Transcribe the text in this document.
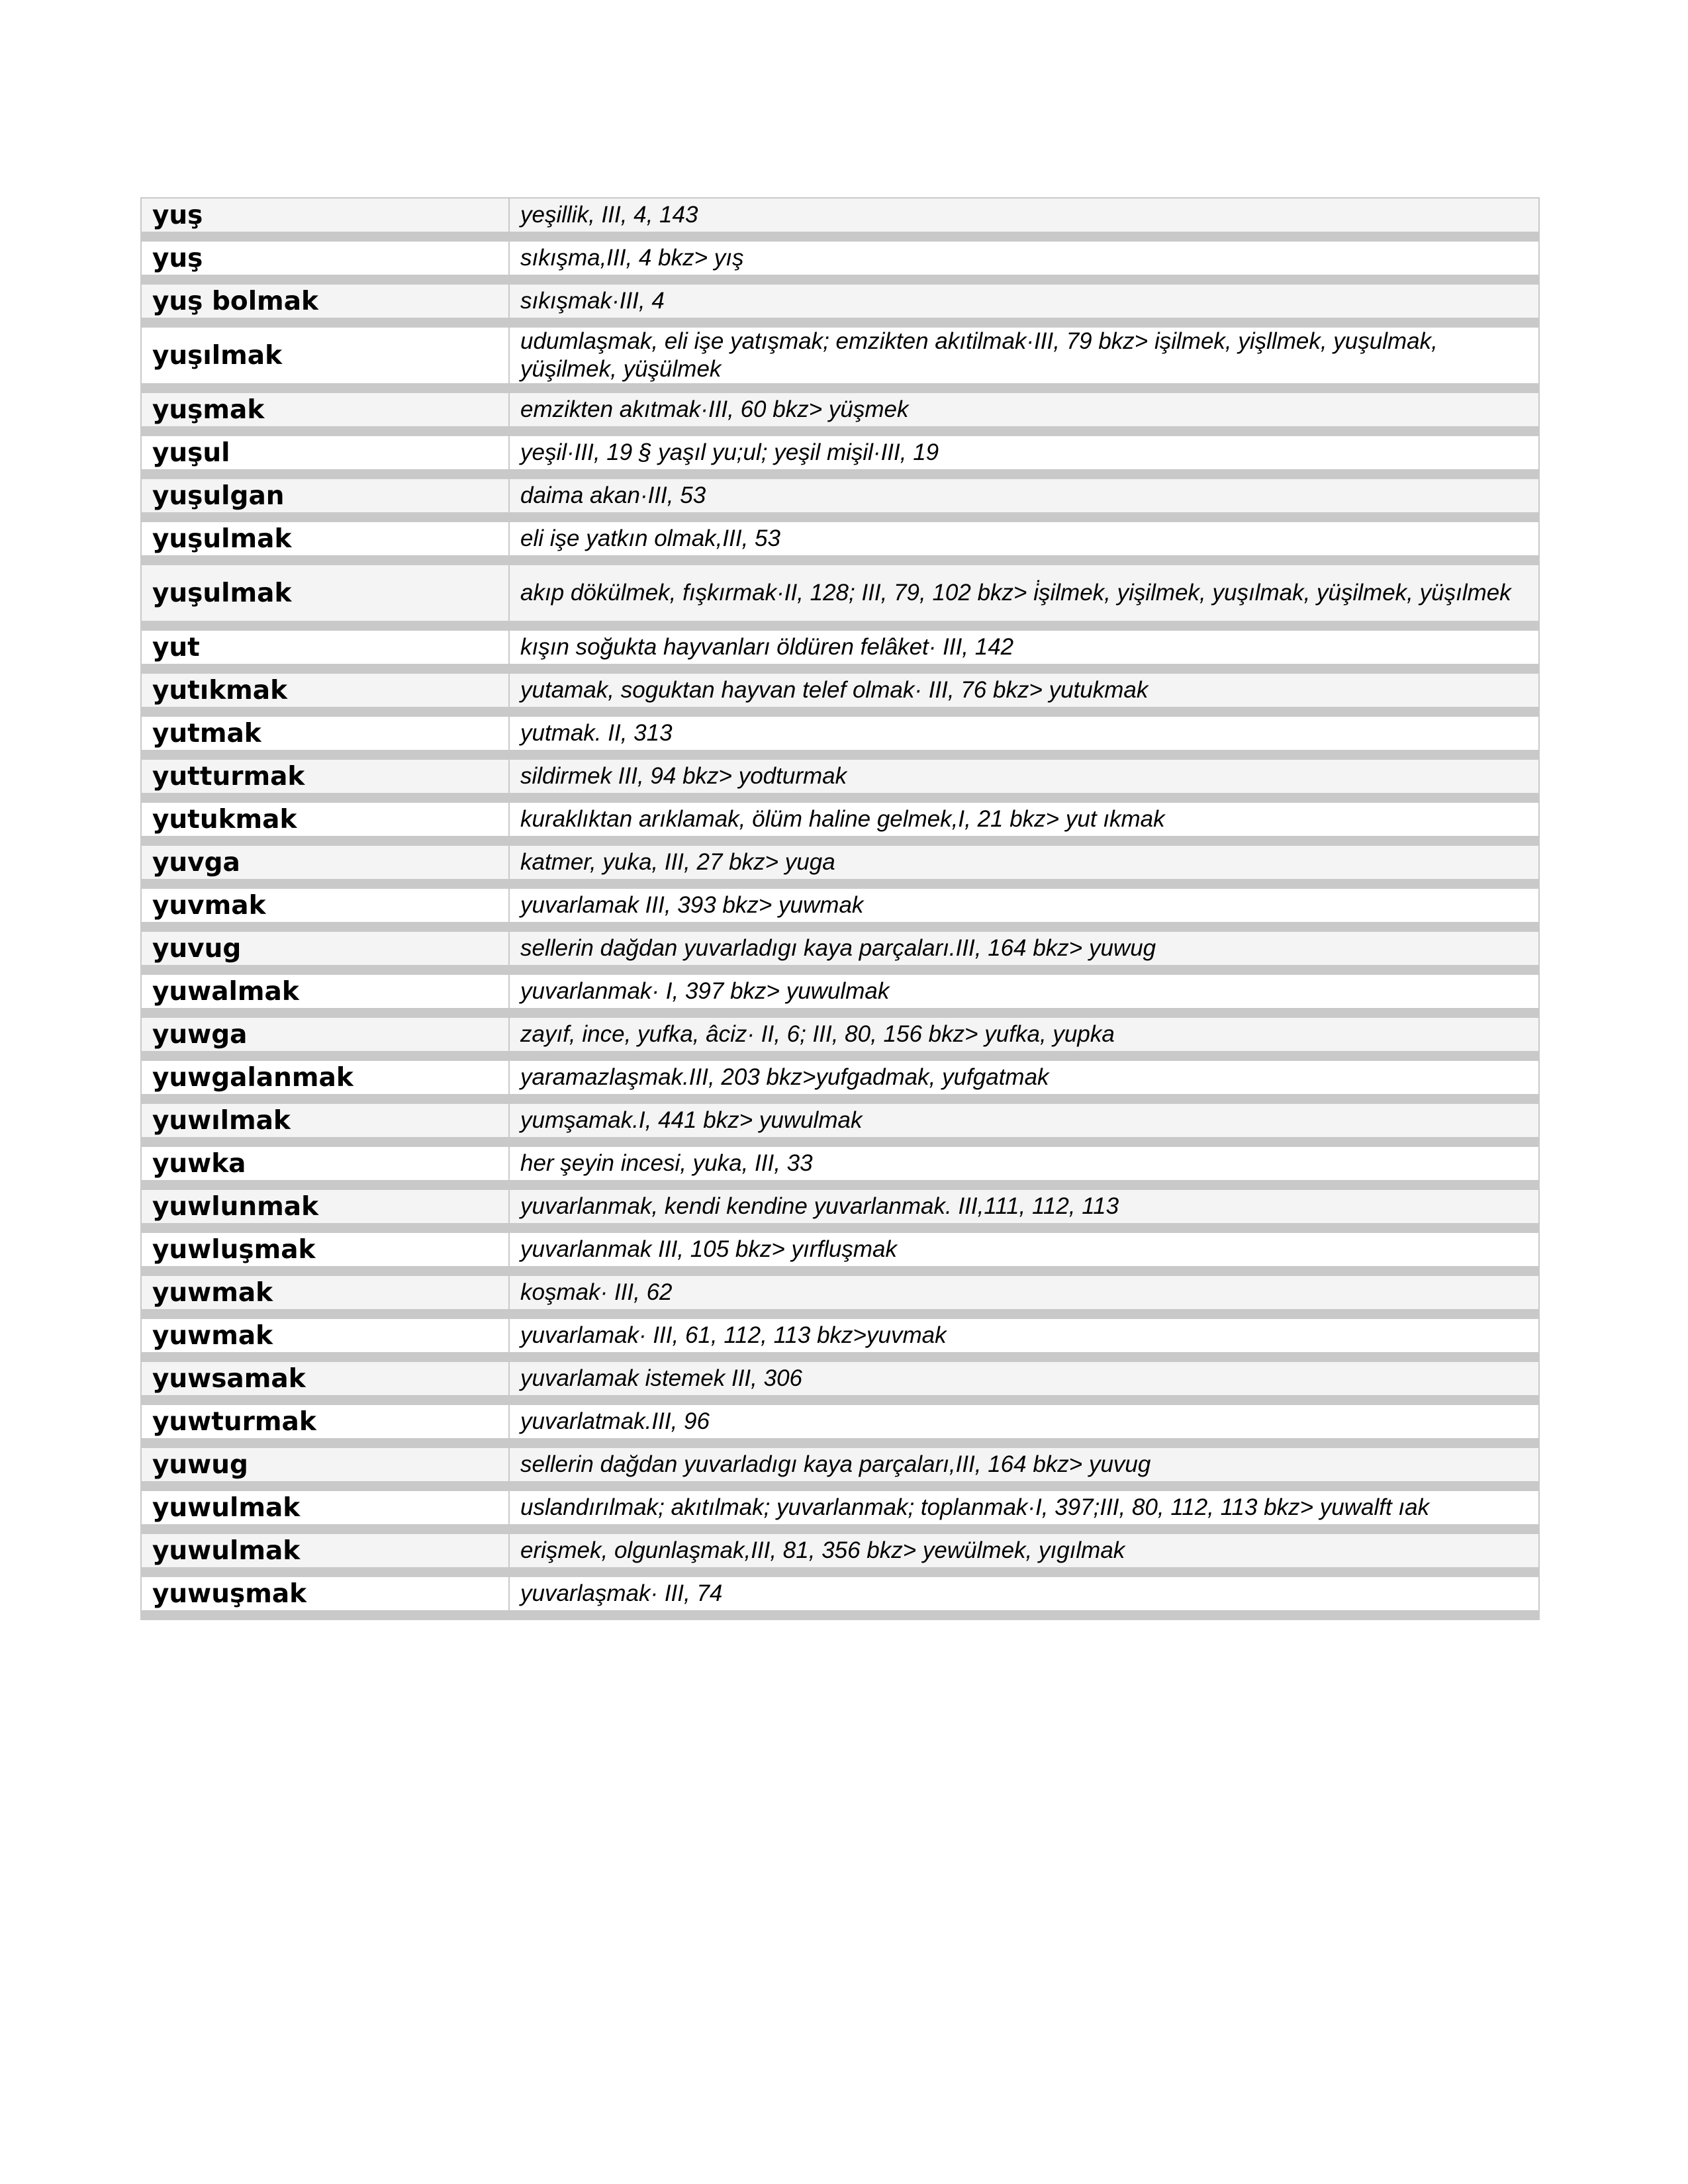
yuş	yeşillik, III, 4, 143
yuş	sıkışma,III, 4 bkz> yış
yuş bolmak	sıkışmak·III, 4
yuşılmak	udumlaşmak, eli işe yatışmak; emzikten akıtilmak·III, 79 bkz> işilmek, yişllmek, yuşulmak, yüşilmek, yüşülmek
yuşmak	emzikten akıtmak·III, 60 bkz> yüşmek
yuşul	yeşil·III, 19 § yaşıl yu;ul; yeşil mişil·III, 19
yuşulgan	daima akan·III, 53
yuşulmak	eli işe yatkın olmak,III, 53
yuşulmak	akıp dökülmek, fışkırmak·II, 128; III, 79, 102 bkz> i̇şilmek, yişilmek, yuşılmak, yüşilmek, yüşılmek
yut	kışın soğukta hayvanları öldüren felâket· III, 142
yutıkmak	yutamak, soguktan hayvan telef olmak· III, 76 bkz> yutukmak
yutmak	yutmak. II, 313
yutturmak	sildirmek III, 94 bkz> yodturmak
yutukmak	kuraklıktan arıklamak, ölüm haline gelmek,I, 21 bkz> yut ıkmak
yuvga	katmer, yuka, III, 27 bkz> yuga
yuvmak	yuvarlamak III, 393 bkz> yuwmak
yuvug	sellerin dağdan yuvarladıgı kaya parçaları.III, 164 bkz> yuwug
yuwalmak	yuvarlanmak· I, 397 bkz> yuwulmak
yuwga	zayıf, ince, yufka, âciz· II, 6; III, 80, 156 bkz> yufka, yupka
yuwgalanmak	yaramazlaşmak.III, 203 bkz>yufgadmak, yufgatmak
yuwılmak	yumşamak.I, 441 bkz> yuwulmak
yuwka	her şeyin incesi, yuka, III, 33
yuwlunmak	yuvarlanmak, kendi kendine yuvarlanmak. III,111, 112, 113
yuwluşmak	yuvarlanmak III, 105 bkz> yırfluşmak
yuwmak	koşmak· III, 62
yuwmak	yuvarlamak· III, 61, 112, 113 bkz>yuvmak
yuwsamak	yuvarlamak istemek III, 306
yuwturmak	yuvarlatmak.III, 96
yuwug	sellerin dağdan yuvarladıgı kaya parçaları,III, 164 bkz> yuvug
yuwulmak	uslandırılmak; akıtılmak; yuvarlanmak; toplanmak·I, 397;III, 80, 112, 113 bkz> yuwalft ıak
yuwulmak	erişmek, olgunlaşmak,III, 81, 356 bkz> yewülmek, yıgılmak
yuwuşmak	yuvarlaşmak· III, 74
